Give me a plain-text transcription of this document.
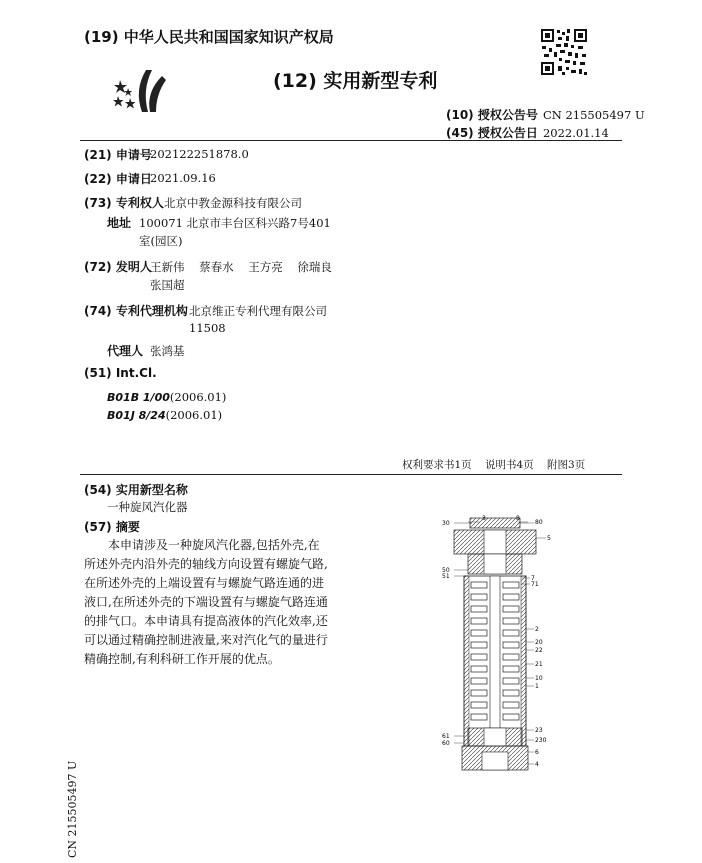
(19) 中华人民共和国国家知识产权局
(12) 实用新型专利
(10) 授权公告号 CN 215505497 U
(45) 授权公告日 2022.01.14
(21) 申请号
202122251878.0
(22) 申请日
2021.09.16
(73) 专利权人 北京中教金源科技有限公司
地址 100071 北京市丰台区科兴路7号401
室(园区)
(72) 发明人
王新伟    蔡春水    王方亮    徐瑞良
张国超
(74) 专利代理机构 北京维正专利代理有限公司
11508
代理人 张鸿基
(51) Int.Cl.
B01B 1/00(2006.01)
B01J 8/24(2006.01)
权利要求书1页    说明书4页    附图3页
(54) 实用新型名称
一种旋风汽化器
(57) 摘要
本申请涉及一种旋风汽化器,包括外壳,在
所述外壳内沿外壳的轴线方向设置有螺旋气路,
在所述外壳的上端设置有与螺旋气路连通的进
液口,在所述外壳的下端设置有与螺旋气路连通
的排气口。本申请具有提高液体的汽化效率,还
可以通过精确控制进液量,来对汽化气的量进行
精确控制,有利科研工作开展的优点。
CN 215505497 U
30
3	8
80
5
50
51	7
71
2
20
22
21
10
1
23
230
6
4
61
60
